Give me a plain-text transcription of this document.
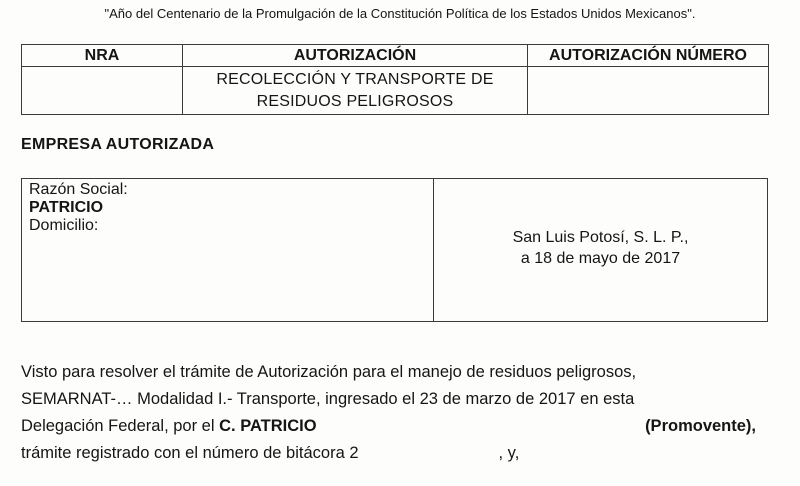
"Año del Centenario de la Promulgación de la Constitución Política de los Estados Unidos Mexicanos".
NRA	AUTORIZACIÓN	AUTORIZACIÓN NÚMERO

	RECOLECCIÓN Y TRANSPORTE DE
RESIDUOS PELIGROSOS	

EMPRESA AUTORIZADA
Razón Social:
PATRICIO
Domicilio:
San Luis Potosí, S. L. P.,
a 18 de mayo de 2017
Visto para resolver el trámite de Autorización para el manejo de residuos peligrosos,
SEMARNAT-… Modalidad I.- Transporte, ingresado el 23 de marzo de 2017 en esta
Delegación Federal, por el C. PATRICIO	(Promovente),
trámite registrado con el número de bitácora 2	, y,
